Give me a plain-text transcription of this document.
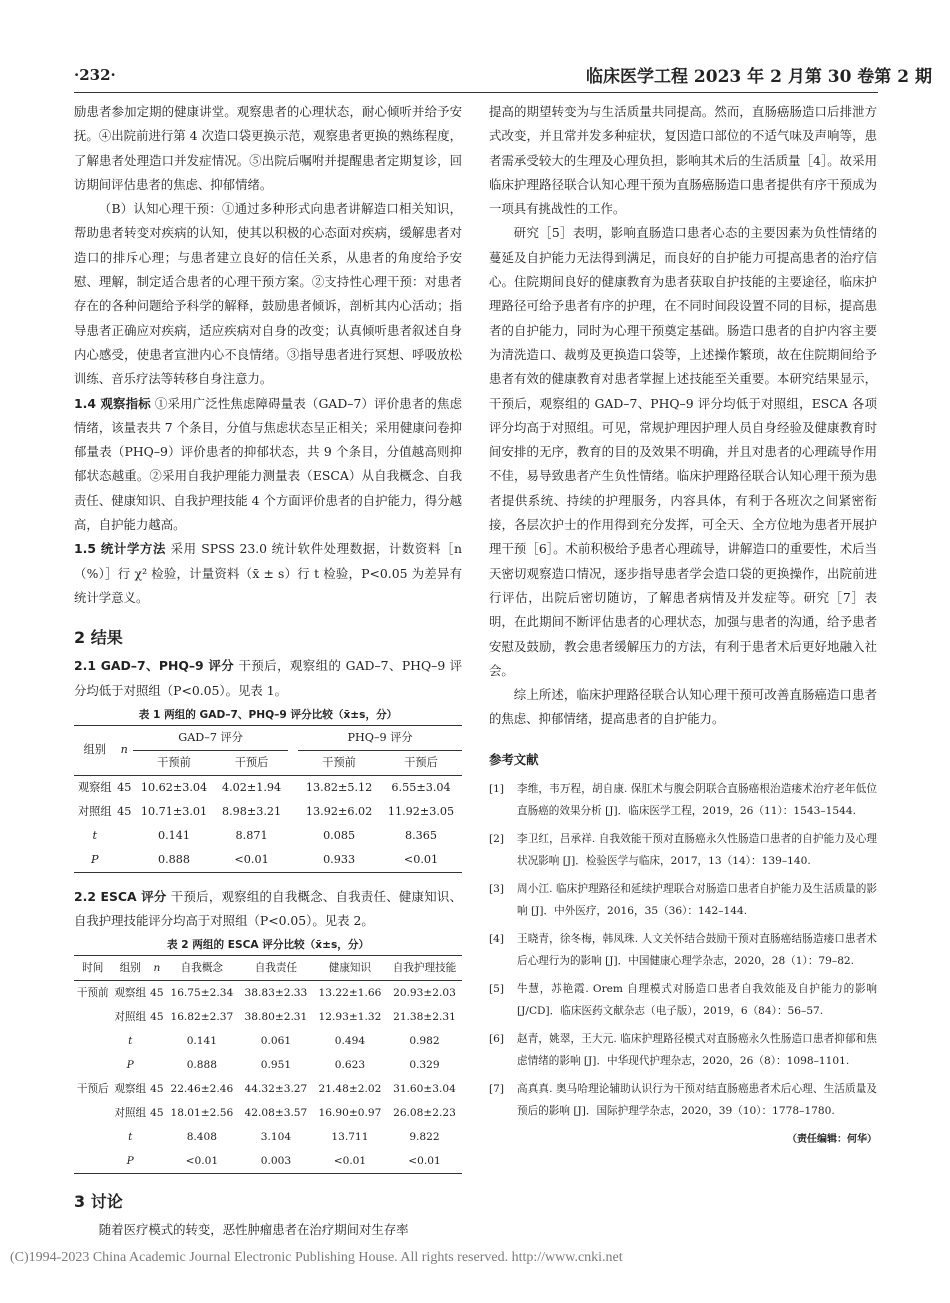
·232·	临床医学工程 2023 年 2 月第 30 卷第 2 期

励患者参加定期的健康讲堂。观察患者的心理状态，耐心倾听并给予安抚。④出院前进行第 4 次造口袋更换示范，观察患者更换的熟练程度，了解患者处理造口并发症情况。⑤出院后嘱咐并提醒患者定期复诊，回访期间评估患者的焦虑、抑郁情绪。

（B）认知心理干预：①通过多种形式向患者讲解造口相关知识，帮助患者转变对疾病的认知，使其以积极的心态面对疾病，缓解患者对造口的排斥心理；与患者建立良好的信任关系，从患者的角度给予安慰、理解，制定适合患者的心理干预方案。②支持性心理干预：对患者存在的各种问题给予科学的解释，鼓励患者倾诉，剖析其内心活动；指导患者正确应对疾病，适应疾病对自身的改变；认真倾听患者叙述自身内心感受，使患者宣泄内心不良情绪。③指导患者进行冥想、呼吸放松训练、音乐疗法等转移自身注意力。

1.4 观察指标 ①采用广泛性焦虑障碍量表（GAD–7）评价患者的焦虑情绪，该量表共 7 个条目，分值与焦虑状态呈正相关；采用健康问卷抑郁量表（PHQ–9）评价患者的抑郁状态，共 9 个条目，分值越高则抑郁状态越重。②采用自我护理能力测量表（ESCA）从自我概念、自我责任、健康知识、自我护理技能 4 个方面评价患者的自护能力，得分越高，自护能力越高。

1.5 统计学方法 采用 SPSS 23.0 统计软件处理数据，计数资料［n（%）］行 χ² 检验，计量资料（x̄ ± s）行 t 检验，P<0.05 为差异有统计学意义。

2 结果

2.1 GAD–7、PHQ–9 评分 干预后，观察组的 GAD–7、PHQ–9 评分均低于对照组（P<0.05）。见表 1。

表 1 两组的 GAD–7、PHQ–9 评分比较（x̄±s，分）
组别	n	GAD–7 评分			PHQ–9 评分	
		干预前	干预后		干预前	干预后
观察组	45	10.62±3.04	4.02±1.94		13.82±5.12	6.55±3.04
对照组	45	10.71±3.01	8.98±3.21		13.92±6.02	11.92±3.05
t		0.141	8.871		0.085	8.365
P		0.888	<0.01		0.933	<0.01

2.2 ESCA 评分 干预后，观察组的自我概念、自我责任、健康知识、自我护理技能评分均高于对照组（P<0.05）。见表 2。

表 2 两组的 ESCA 评分比较（x̄±s，分）
时间	组别	n	自我概念	自我责任	健康知识	自我护理技能
干预前	观察组	45	16.75±2.34	38.83±2.33	13.22±1.66	20.93±2.03
	对照组	45	16.82±2.37	38.80±2.31	12.93±1.32	21.38±2.31
	t		0.141	0.061	0.494	0.982
	P		0.888	0.951	0.623	0.329
干预后	观察组	45	22.46±2.46	44.32±3.27	21.48±2.02	31.60±3.04
	对照组	45	18.01±2.56	42.08±3.57	16.90±0.97	26.08±2.23
	t		8.408	3.104	13.711	9.822
	P		<0.01	0.003	<0.01	<0.01
3 讨论

随着医疗模式的转变，恶性肿瘤患者在治疗期间对生存率

提高的期望转变为与生活质量共同提高。然而，直肠癌肠造口后排泄方式改变，并且常并发多种症状，复因造口部位的不适气味及声响等，患者需承受较大的生理及心理负担，影响其术后的生活质量［4］。故采用临床护理路径联合认知心理干预为直肠癌肠造口患者提供有序干预成为一项具有挑战性的工作。

研究［5］表明，影响直肠造口患者心态的主要因素为负性情绪的蔓延及自护能力无法得到满足，而良好的自护能力可提高患者的治疗信心。住院期间良好的健康教育为患者获取自护技能的主要途径，临床护理路径可给予患者有序的护理，在不同时间段设置不同的目标，提高患者的自护能力，同时为心理干预奠定基础。肠造口患者的自护内容主要为清洗造口、裁剪及更换造口袋等，上述操作繁琐，故在住院期间给予患者有效的健康教育对患者掌握上述技能至关重要。本研究结果显示，干预后，观察组的 GAD–7、PHQ–9 评分均低于对照组，ESCA 各项评分均高于对照组。可见，常规护理因护理人员自身经验及健康教育时间安排的无序，教育的目的及效果不明确，并且对患者的心理疏导作用不佳，易导致患者产生负性情绪。临床护理路径联合认知心理干预为患者提供系统、持续的护理服务，内容具体，有利于各班次之间紧密衔接，各层次护士的作用得到充分发挥，可全天、全方位地为患者开展护理干预［6］。术前积极给予患者心理疏导，讲解造口的重要性，术后当天密切观察造口情况，逐步指导患者学会造口袋的更换操作，出院前进行评估，出院后密切随访，了解患者病情及并发症等。研究［7］表明，在此期间不断评估患者的心理状态，加强与患者的沟通，给予患者安慰及鼓励，教会患者缓解压力的方法，有利于患者术后更好地融入社会。

综上所述，临床护理路径联合认知心理干预可改善直肠癌造口患者的焦虑、抑郁情绪，提高患者的自护能力。

参考文献
[1]	李维，韦万程，胡自康. 保肛术与腹会阴联合直肠癌根治造瘘术治疗老年低位直肠癌的效果分析 [J]．临床医学工程，2019，26（11）：1543–1544.
[2]	李卫红，吕承祥. 自我效能干预对直肠癌永久性肠造口患者的自护能力及心理状况影响 [J]．检验医学与临床，2017，13（14）：139–140.
[3]	周小江. 临床护理路径和延续护理联合对肠造口患者自护能力及生活质量的影响 [J]．中外医疗，2016，35（36）：142–144.
[4]	王晓青，徐冬梅，韩凤珠. 人文关怀结合鼓励干预对直肠癌结肠造瘘口患者术后心理行为的影响 [J]．中国健康心理学杂志，2020，28（1）：79–82.
[5]	牛慧，苏艳霞. Orem 自理模式对肠造口患者自我效能及自护能力的影响 [J/CD]．临床医药文献杂志（电子版），2019，6（84）：56–57.
[6]	赵青，姚翠，王大元. 临床护理路径模式对直肠癌永久性肠造口患者抑郁和焦虑情绪的影响 [J]．中华现代护理杂志，2020，26（8）：1098–1101.
[7]	高真真. 奥马哈理论辅助认识行为干预对结直肠癌患者术后心理、生活质量及预后的影响 [J]．国际护理学杂志，2020，39（10）：1778–1780.
（责任编辑：何华）
(C)1994-2023 China Academic Journal Electronic Publishing House. All rights reserved. http://www.cnki.net
